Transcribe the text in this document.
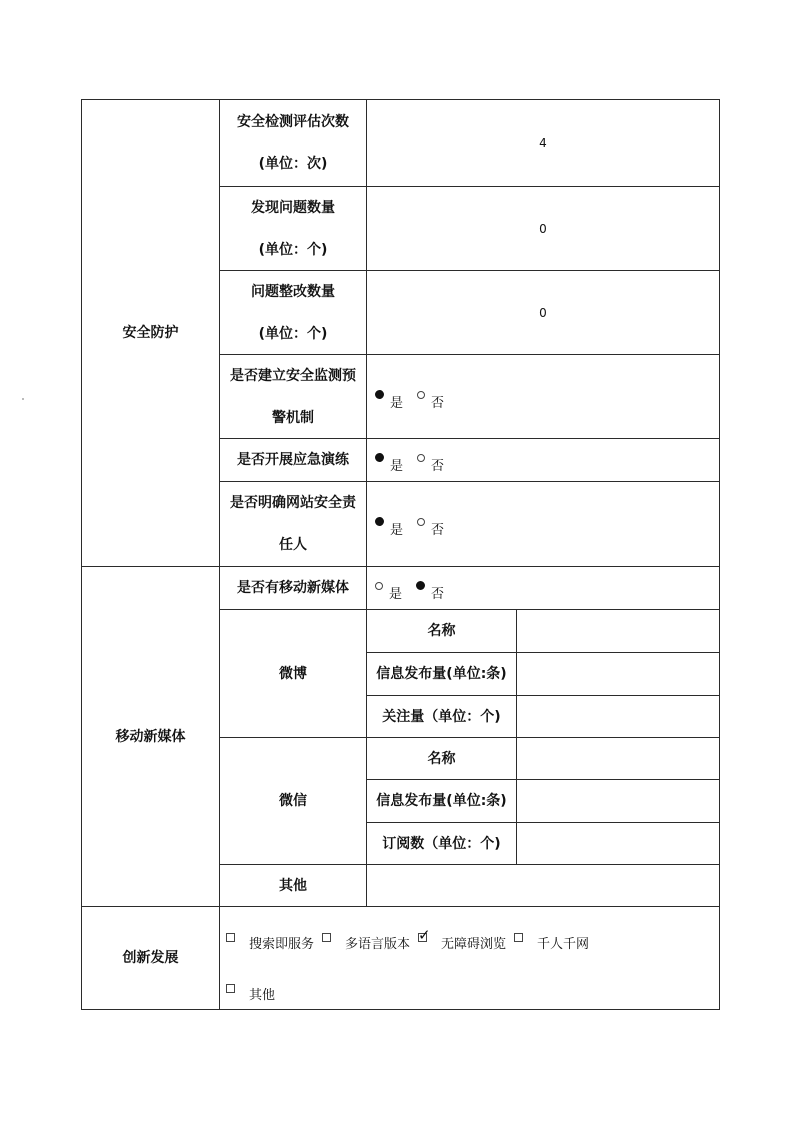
安全防护
安全检测评估次数
(单位：次)
4
发现问题数量
(单位：个)
0
问题整改数量
(单位：个)
0
是否建立安全监测预
警机制
是 否
是否开展应急演练	是 否
是否明确网站安全责
任人
是 否
移动新媒体
是否有移动新媒体	是 否
微博
名称
信息发布量(单位:条)
关注量（单位：个)
微信
名称
信息发布量(单位:条)
订阅数（单位：个)
其他
创新发展
搜索即服务 多语言版本
✓ 无障碍浏览 千人千网
其他
